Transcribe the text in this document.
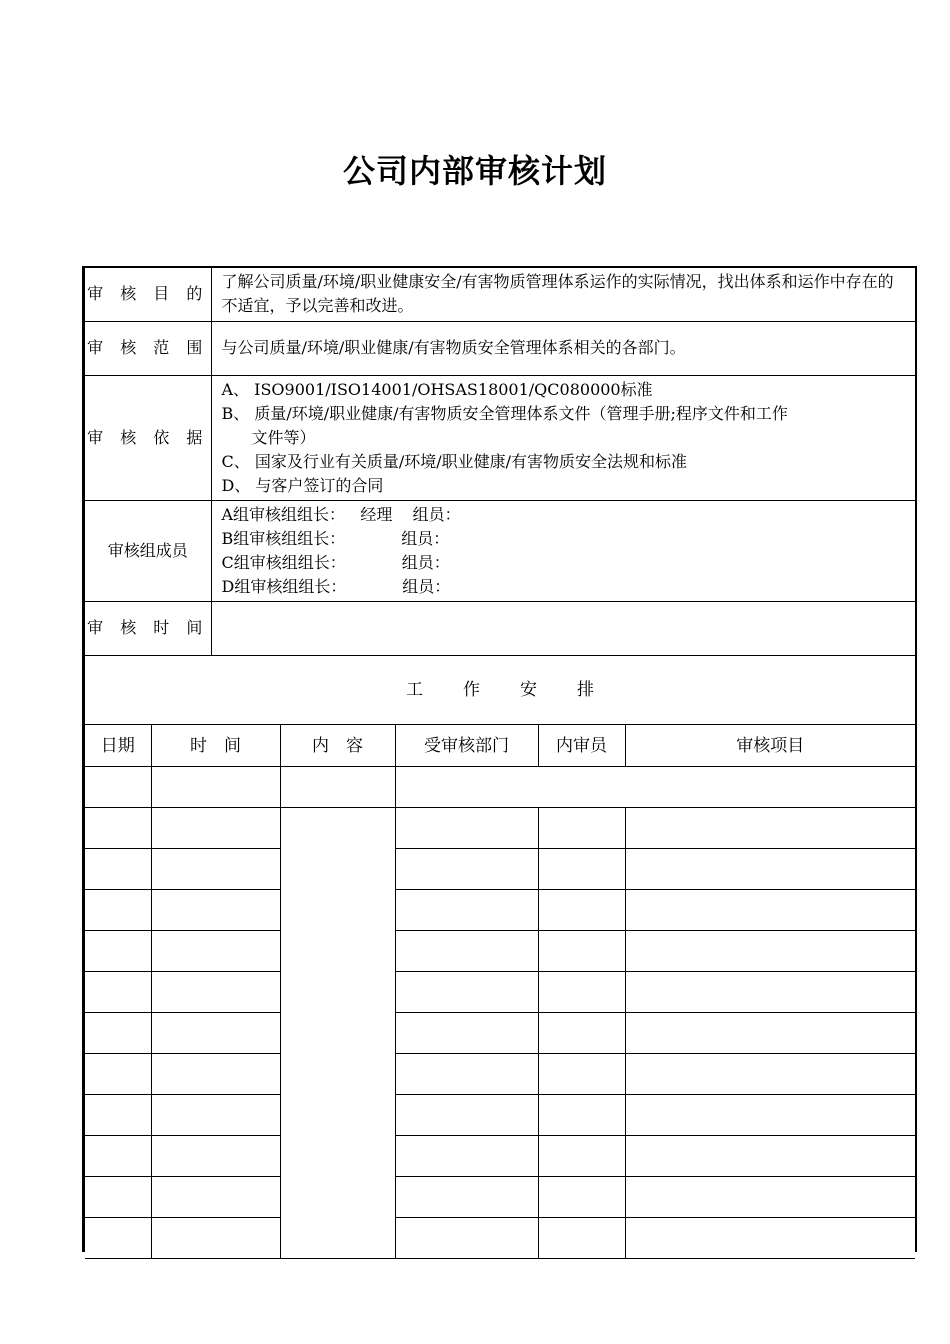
公司内部审核计划
审 核 目 的	了解公司质量/环境/职业健康安全/有害物质管理体系运作的实际情况，找出体系和运作中存在的不适宜，予以完善和改进。
审 核 范 围	与公司质量/环境/职业健康/有害物质安全管理体系相关的各部门。
审 核 依 据	A、 ISO9001/ISO14001/OHSAS18001/QC080000标准
B、 质量/环境/职业健康/有害物质安全管理体系文件（管理手册;程序文件和工作
文件等）
C、 国家及行业有关质量/环境/职业健康/有害物质安全法规和标准
D、 与客户签订的合同

审核组成员	A组审核组组长：   经理    组员：
B组审核组组长：           组员：
C组审核组组长：           组员：
D组审核组组长：           组员：

审 核 时 间	
工作安排					
日期	时　间	内　容	受审核部门	内审员	审核项目
